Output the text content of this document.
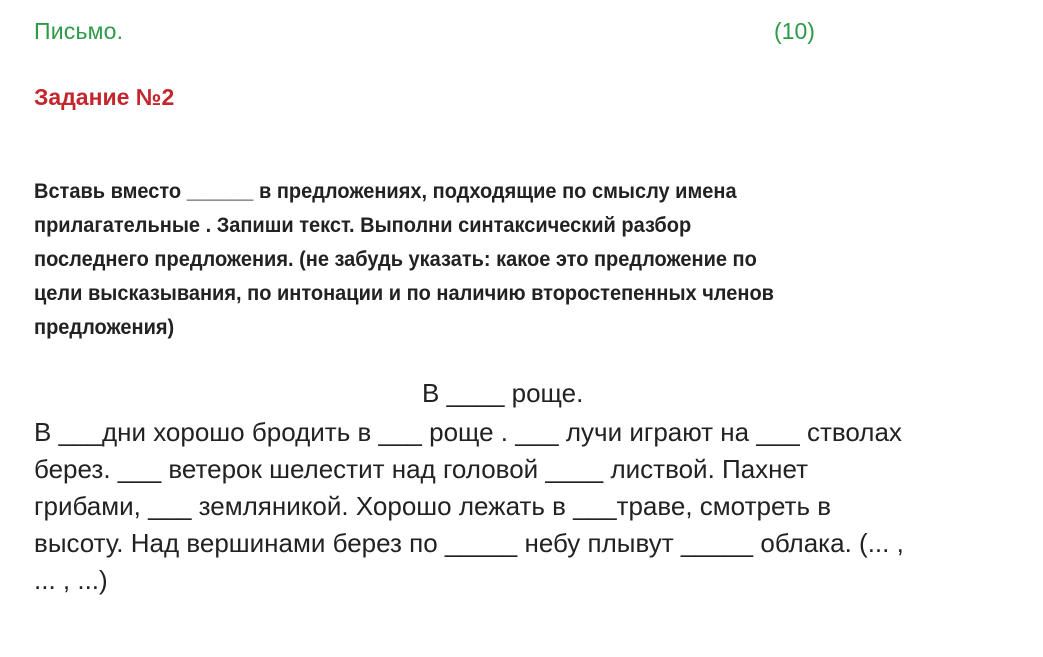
Письмо.	(10)
Задание №2
Вставь вместо ______ в предложениях, подходящие по смыслу имена
прилагательные . Запиши текст. Выполни синтаксический разбор
последнего предложения. (не забудь указать: какое это предложение по
цели высказывания, по интонации и по наличию второстепенных членов
предложения)
В ____ роще.
В ___дни хорошо бродить в ___ роще . ___ лучи играют на ___ стволах
берез. ___ ветерок шелестит над головой ____ листвой. Пахнет
грибами, ___ земляникой. Хорошо лежать в ___траве, смотреть в
высоту. Над вершинами берез по _____ небу плывут _____ облака. (... ,
... , ...)
